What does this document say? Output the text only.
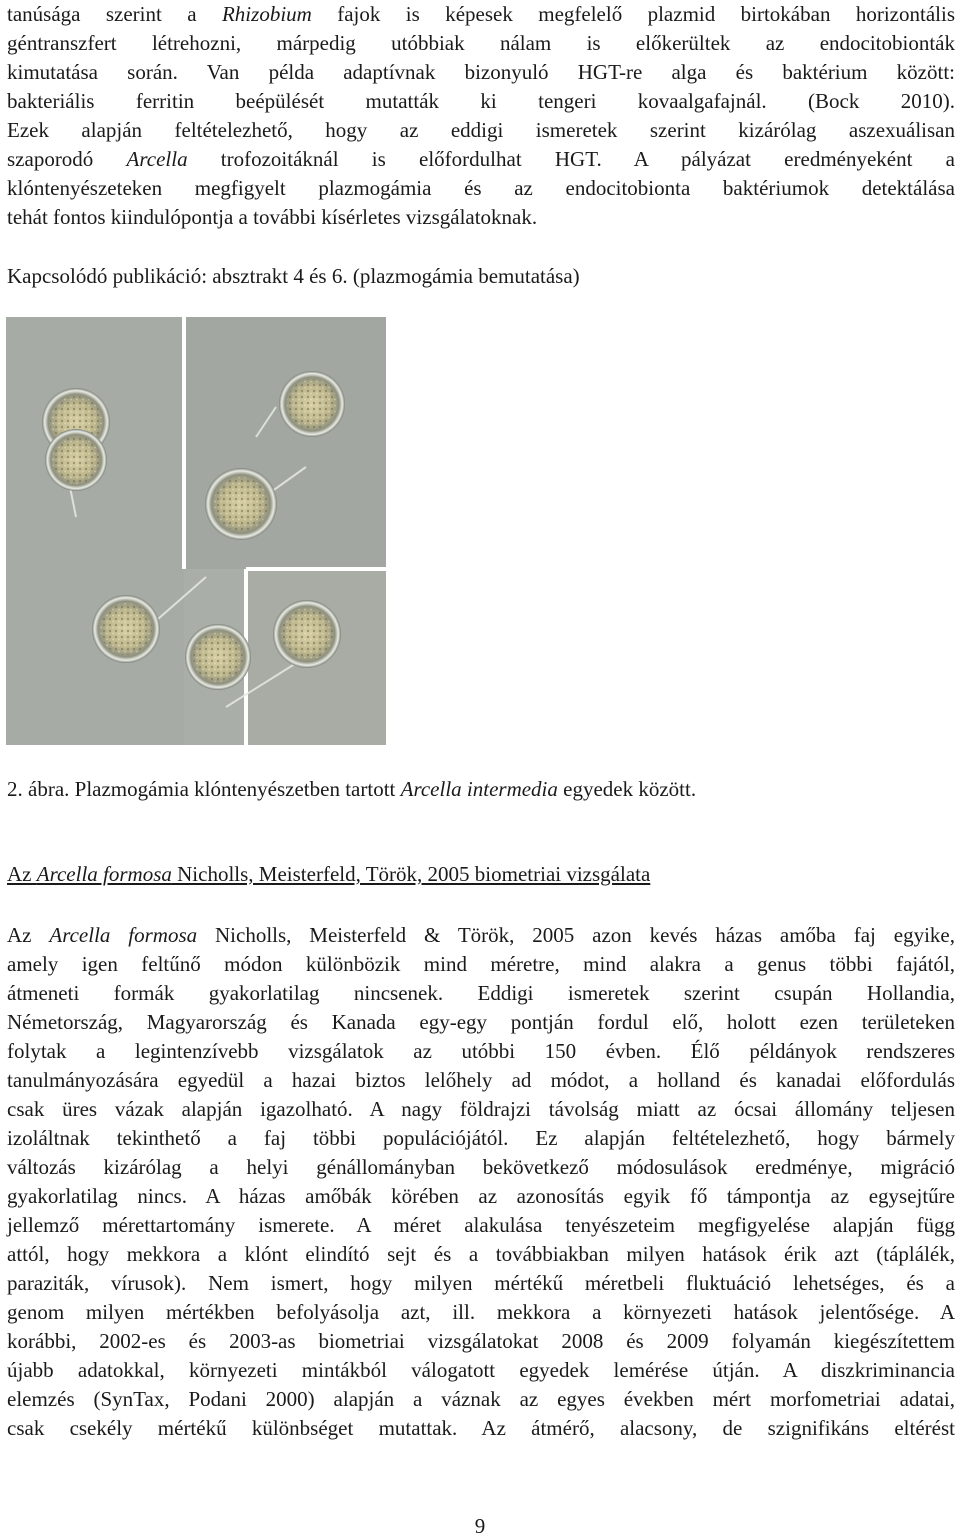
tanúsága szerint a Rhizobium fajok is képesek megfelelő plazmid birtokában horizontális
géntranszfert létrehozni, márpedig utóbbiak nálam is előkerültek az endocitobionták
kimutatása során. Van példa adaptívnak bizonyuló HGT-re alga és baktérium között:
bakteriális ferritin beépülését mutatták ki tengeri kovaalgafajnál. (Bock 2010).
Ezek alapján feltételezhető, hogy az eddigi ismeretek szerint kizárólag aszexuálisan
szaporodó Arcella trofozoitáknál is előfordulhat HGT. A pályázat eredményeként a
klóntenyészeteken megfigyelt plazmogámia és az endocitobionta baktériumok detektálása
tehát fontos kiindulópontja a további kísérletes vizsgálatoknak.

Kapcsolódó publikáció: absztrakt 4 és 6. (plazmogámia bemutatása)

2. ábra. Plazmogámia klóntenyészetben tartott Arcella intermedia egyedek között.
Az Arcella formosa Nicholls, Meisterfeld, Török, 2005 biometriai vizsgálata
Az Arcella formosa Nicholls, Meisterfeld & Török, 2005 azon kevés házas amőba faj egyike,
amely igen feltűnő módon különbözik mind méretre, mind alakra a genus többi fajától,
átmeneti formák gyakorlatilag nincsenek. Eddigi ismeretek szerint csupán Hollandia,
Németország, Magyarország és Kanada egy-egy pontján fordul elő, holott ezen területeken
folytak a legintenzívebb vizsgálatok az utóbbi 150 évben. Élő példányok rendszeres
tanulmányozására egyedül a hazai biztos lelőhely ad módot, a holland és kanadai előfordulás
csak üres vázak alapján igazolható. A nagy földrajzi távolság miatt az ócsai állomány teljesen
izoláltnak tekinthető a faj többi populációjától. Ez alapján feltételezhető, hogy bármely
változás kizárólag a helyi génállományban bekövetkező módosulások eredménye, migráció
gyakorlatilag nincs. A házas amőbák körében az azonosítás egyik fő támpontja az egysejtűre
jellemző mérettartomány ismerete. A méret alakulása tenyészeteim megfigyelése alapján függ
attól, hogy mekkora a klónt elindító sejt és a továbbiakban milyen hatások érik azt (táplálék,
paraziták, vírusok). Nem ismert, hogy milyen mértékű méretbeli fluktuáció lehetséges, és a
genom milyen mértékben befolyásolja azt, ill. mekkora a környezeti hatások jelentősége. A
korábbi, 2002-es és 2003-as biometriai vizsgálatokat 2008 és 2009 folyamán kiegészítettem
újabb adatokkal, környezeti mintákból válogatott egyedek lemérése útján. A diszkriminancia
elemzés (SynTax, Podani 2000) alapján a váznak az egyes években mért morfometriai adatai,
csak csekély mértékű különbséget mutattak. Az átmérő, alacsony, de szignifikáns eltérést
9
